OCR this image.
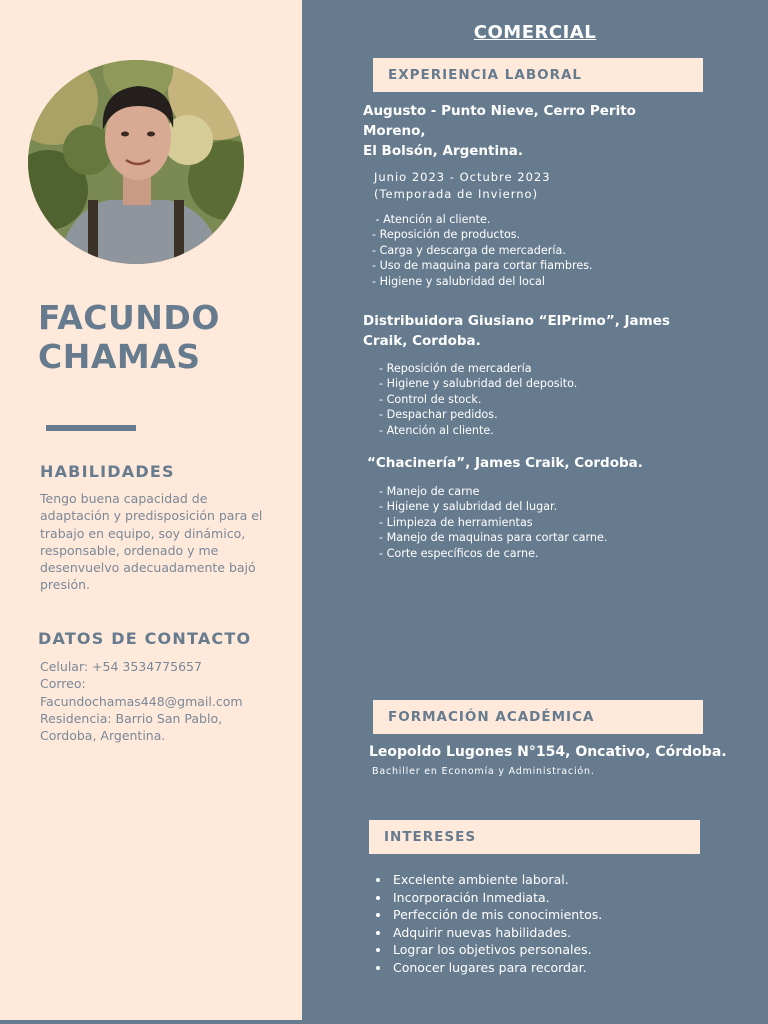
FACUNDO
CHAMAS
HABILIDADES
Tengo buena capacidad de adaptación y predisposición para el trabajo en equipo, soy dinámico, responsable, ordenado y me desenvuelvo adecuadamente bajó presión.
DATOS DE CONTACTO
Celular: +54 3534775657
Correo:
Facundochamas448@gmail.com
Residencia: Barrio San Pablo,
Cordoba, Argentina.
COMERCIAL
EXPERIENCIA LABORAL
Augusto - Punto Nieve, Cerro Perito
Moreno,
El Bolsón, Argentina.
Junio 2023 - Octubre 2023
(Temporada de Invierno)
- Atención al cliente.
- Reposición de productos.
- Carga y descarga de mercadería.
- Uso de maquina para cortar fiambres.
- Higiene y salubridad del local
Distribuidora Giusiano “ElPrimo”, James
Craik, Cordoba.
- Reposición de mercadería
- Higiene y salubridad del deposito.
- Control de stock.
- Despachar pedidos.
- Atención al cliente.
“Chacinería”, James Craik, Cordoba.
- Manejo de carne
- Higiene y salubridad del lugar.
- Limpieza de herramientas
- Manejo de maquinas para cortar carne.
- Corte específicos de carne.
FORMACIÓN ACADÉMICA
Leopoldo Lugones N°154, Oncativo, Córdoba.
Bachiller en Economía y Administración.
INTERESES
• Excelente ambiente laboral.
• Incorporación Inmediata.
• Perfección de mis conocimientos.
• Adquirir nuevas habilidades.
• Lograr los objetivos personales.
• Conocer lugares para recordar.
